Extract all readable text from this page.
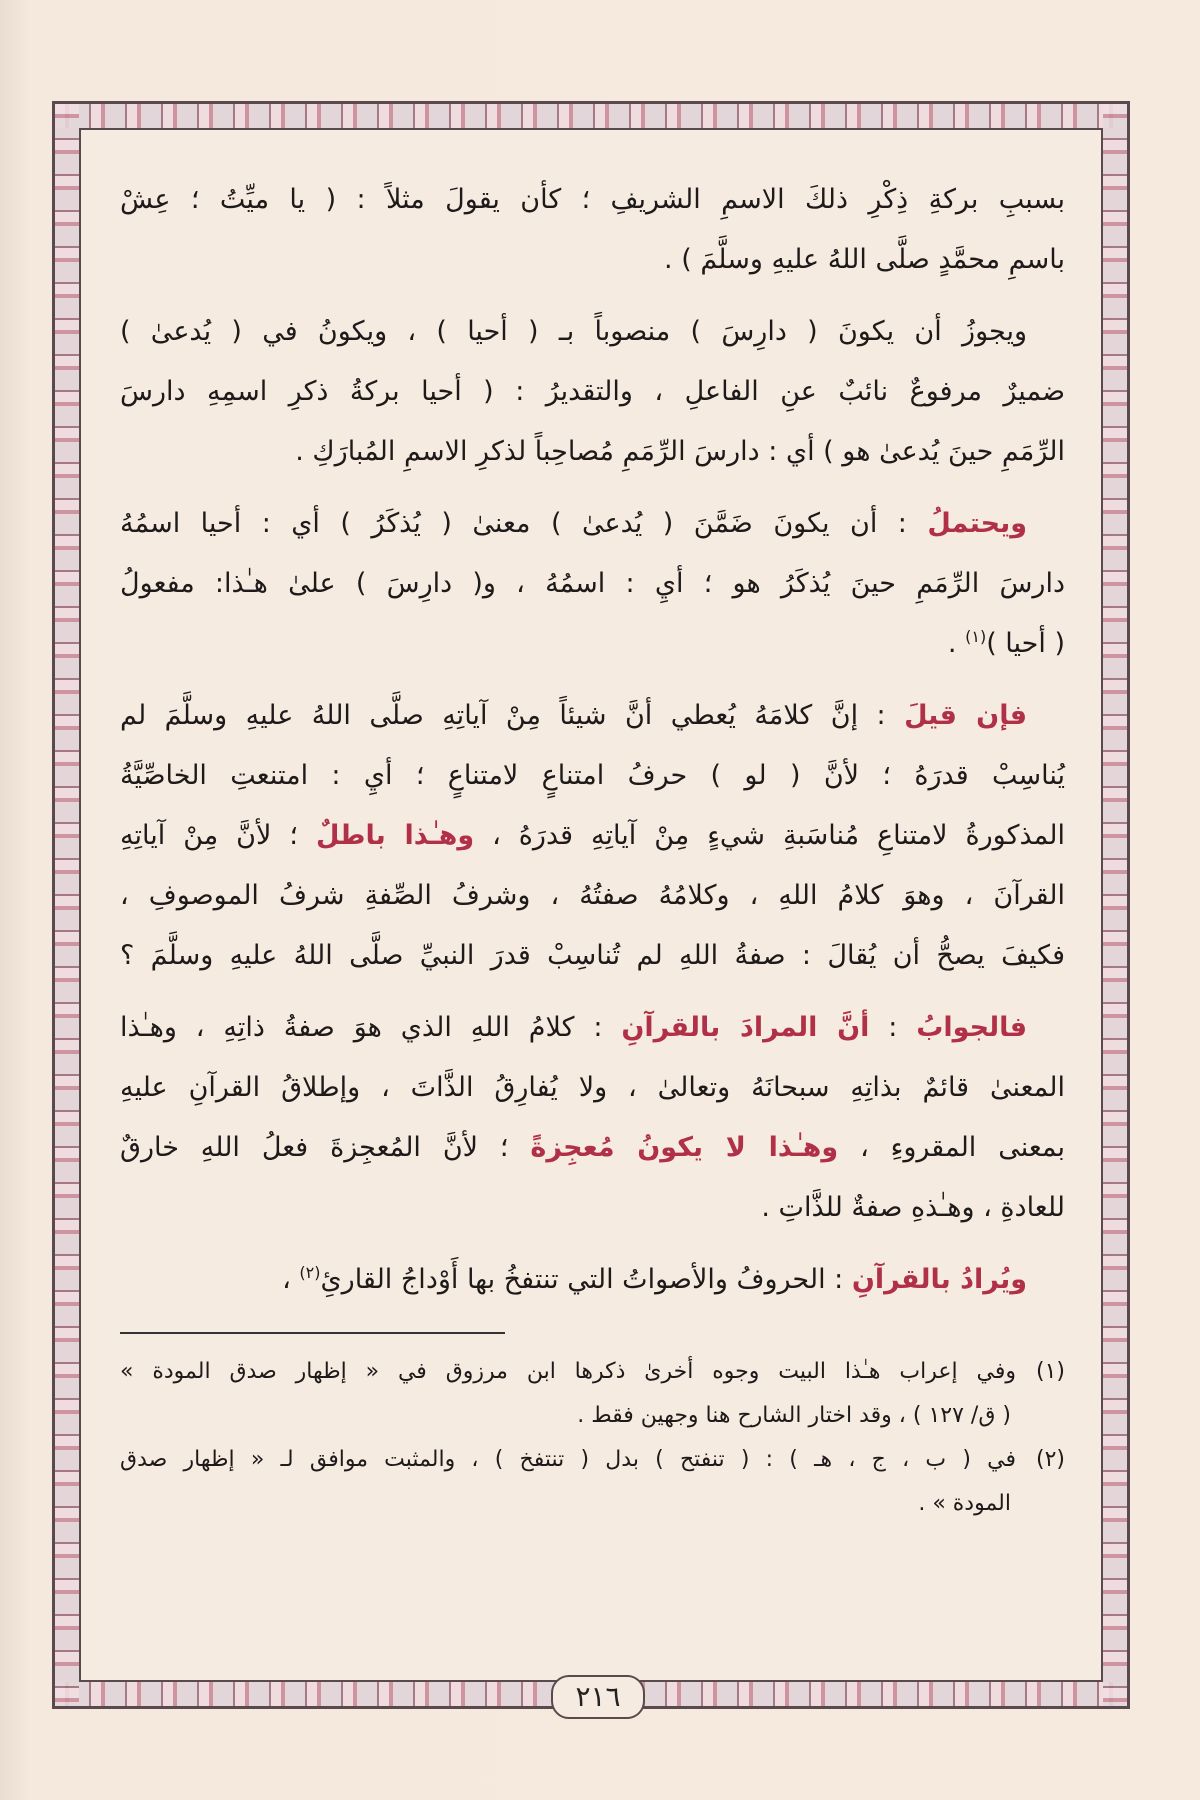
بسببِ بركةِ ذِكْرِ ذلكَ الاسمِ الشريفِ ؛ كأن يقولَ مثلاً : ( يا ميِّتُ ؛ عِشْ
باسمِ محمَّدٍ صلَّى اللهُ عليهِ وسلَّمَ ) .
ويجوزُ أن يكونَ ( دارِسَ ) منصوباً بـ ( أحيا ) ، ويكونُ في ( يُدعىٰ )
ضميرٌ مرفوعٌ نائبٌ عنِ الفاعلِ ، والتقديرُ : ( أحيا بركةُ ذكرِ اسمِهِ دارسَ
الرِّمَمِ حينَ يُدعىٰ هو ) أي : دارسَ الرِّمَمِ مُصاحِباً لذكرِ الاسمِ المُبارَكِ .
ويحتملُ : أن يكونَ ضَمَّنَ ( يُدعىٰ ) معنىٰ ( يُذكَرُ ) أي : أحيا اسمُهُ
دارسَ الرِّمَمِ حينَ يُذكَرُ هو ؛ أيِ : اسمُهُ ، و( دارِسَ ) علىٰ هـٰذا: مفعولُ
( أحيا )$^{(١)}$ .
فإن قيلَ : إنَّ كلامَهُ يُعطي أنَّ شيئاً مِنْ آياتِهِ صلَّى اللهُ عليهِ وسلَّمَ لم
يُناسِبْ قدرَهُ ؛ لأنَّ ( لو ) حرفُ امتناعٍ لامتناعٍ ؛ أيِ : امتنعتِ الخاصِّيَّةُ
المذكورةُ لامتناعِ مُناسَبةِ شيءٍ مِنْ آياتِهِ قدرَهُ ، وهـٰذا باطلٌ ؛ لأنَّ مِنْ آياتِهِ
القرآنَ ، وهوَ كلامُ اللهِ ، وكلامُهُ صفتُهُ ، وشرفُ الصِّفةِ شرفُ الموصوفِ ،
فكيفَ يصحُّ أن يُقالَ : صفةُ اللهِ لم تُناسِبْ قدرَ النبيِّ صلَّى اللهُ عليهِ وسلَّمَ ؟
فالجوابُ : أنَّ المرادَ بالقرآنِ : كلامُ اللهِ الذي هوَ صفةُ ذاتِهِ ، وهـٰذا
المعنىٰ قائمٌ بذاتِهِ سبحانَهُ وتعالىٰ ، ولا يُفارِقُ الذَّاتَ ، وإطلاقُ القرآنِ عليهِ
بمعنى المقروءِ ، وهـٰذا لا يكونُ مُعجِزةً ؛ لأنَّ المُعجِزةَ فعلُ اللهِ خارقٌ
للعادةِ ، وهـٰذهِ صفةٌ للذَّاتِ .
ويُرادُ بالقرآنِ : الحروفُ والأصواتُ التي تنتفخُ بها أَوْداجُ القارئِ$^{(٢)}$ ،
(١)وفي إعراب هـٰذا البيت وجوه أخرىٰ ذكرها ابن مرزوق في « إظهار صدق المودة »
( ق/ ١٢٧ ) ، وقد اختار الشارح هنا وجهين فقط .
(٢)في ( ب ، ج ، هـ ) : ( تنفتح ) بدل ( تنتفخ ) ، والمثبت موافق لـ « إظهار صدق
المودة » .
٢١٦
